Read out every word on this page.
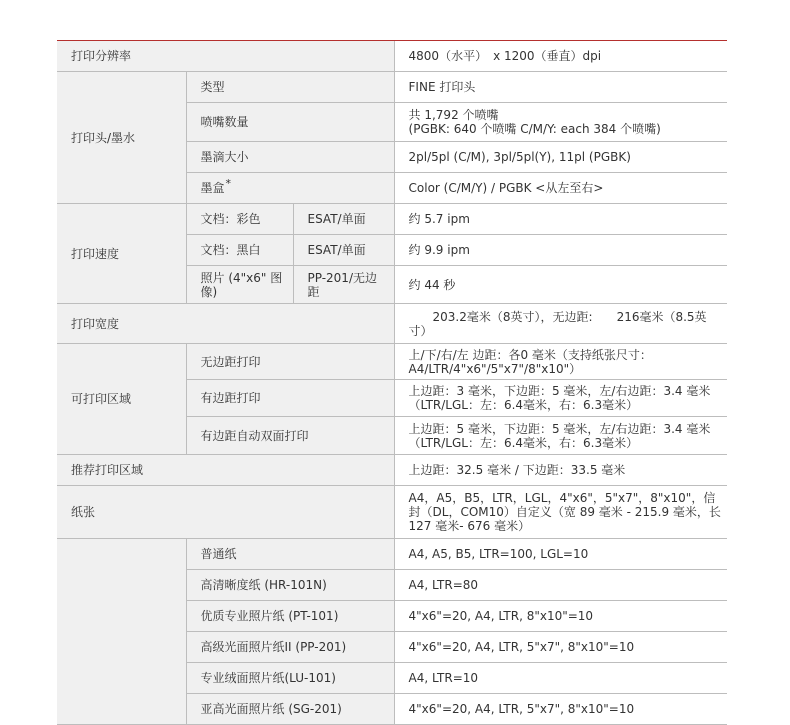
打印分辨率			4800（水平）　x 1200（垂直）dpi
打印头/墨水	类型		FINE 打印头
	喷嘴数量		共 1,792 个喷嘴
(PGBK: 640 个喷嘴 C/M/Y: each 384 个喷嘴)

	墨滴大小		2pl/5pl (C/M), 3pl/5pl(Y), 11pl (PGBK)
	墨盒*		Color (C/M/Y) / PGBK <从左至右>
打印速度	文档：彩色	ESAT/单面	约 5.7 ipm
	文档：黑白	ESAT/单面	约 9.9 ipm
	照片 (4"x6" 图像)	PP-201/无边距	约 44 秒
打印宽度			　　203.2毫米（8英寸），无边距:　　216毫米（8.5英寸）
可打印区域	无边距打印		上/下/右/左 边距：各0 毫米（支持纸张尺寸：
A4/LTR/4"x6"/5"x7"/8"x10"）

	有边距打印		上边距：3 毫米，下边距：5 毫米，左/右边距：3.4 毫米
（LTR/LGL：左：6.4毫米，右：6.3毫米）

	有边距自动双面打印		上边距：5 毫米，下边距：5 毫米，左/右边距：3.4 毫米
（LTR/LGL：左：6.4毫米，右：6.3毫米）

推荐打印区域			上边距：32.5 毫米 / 下边距：33.5 毫米
纸张			A4，A5，B5，LTR，LGL，4"x6"，5"x7"，8"x10"，信封（DL，COM10）自定义（宽 89 毫米 - 215.9 毫米，长 127 毫米- 676 毫米）
	普通纸		A4, A5, B5, LTR=100, LGL=10
	高清晰度纸 (HR-101N)		A4, LTR=80
	优质专业照片纸 (PT-101)		4"x6"=20, A4, LTR, 8"x10"=10
	高级光面照片纸II (PP-201)		4"x6"=20, A4, LTR, 5"x7", 8"x10"=10
	专业绒面照片纸(LU-101)		A4, LTR=10
	亚高光面照片纸 (SG-201)		4"x6"=20, A4, LTR, 5"x7", 8"x10"=10
